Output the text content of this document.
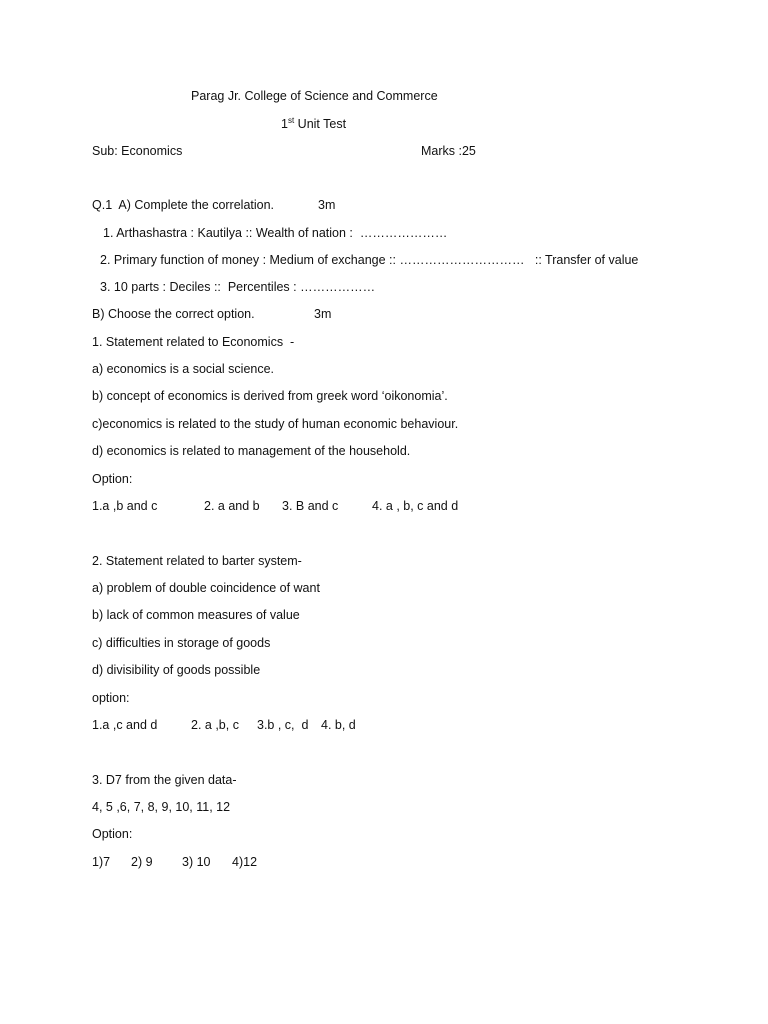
Parag Jr. College of Science and Commerce
1st Unit Test
Sub: Economics	Marks :25
Q.1  A) Complete the correlation.	3m
1. Arthashastra : Kautilya :: Wealth of nation :  …………………
2. Primary function of money : Medium of exchange :: …………………………   :: Transfer of value
3. 10 parts : Deciles ::  Percentiles : ………………
B) Choose the correct option.	3m
1. Statement related to Economics  -
a) economics is a social science.
b) concept of economics is derived from greek word ‘oikonomia’.
c)economics is related to the study of human economic behaviour.
d) economics is related to management of the household.
Option:
1.a ,b and c	2. a and b 3. B and c	4. a , b, c and d
2. Statement related to barter system-
a) problem of double coincidence of want
b) lack of common measures of value
c) difficulties in storage of goods
d) divisibility of goods possible
option:
1.a ,c and d	2. a ,b, c 3.b , c,  d 4. b, d
3. D7 from the given data-
4, 5 ,6, 7, 8, 9, 10, 11, 12
Option:
1)7 2) 9 3) 10 4)12
